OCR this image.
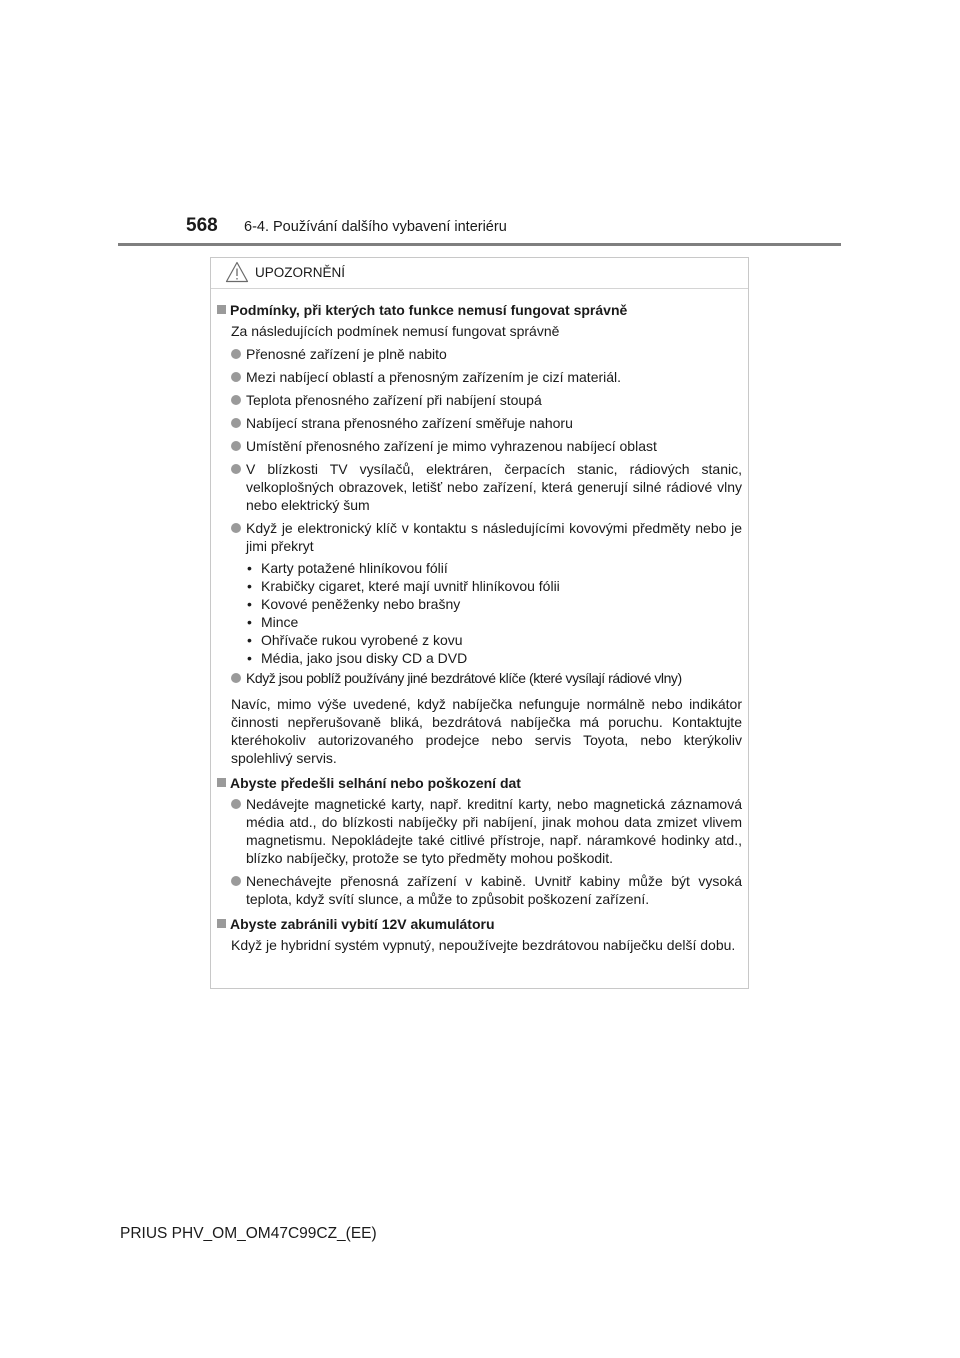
568 6-4. Používání dalšího vybavení interiéru
UPOZORNĚNÍ

Podmínky, při kterých tato funkce nemusí fungovat správně

Za následujících podmínek nemusí fungovat správně

Přenosné zařízení je plně nabito
Mezi nabíjecí oblastí a přenosným zařízením je cizí materiál.
Teplota přenosného zařízení při nabíjení stoupá
Nabíjecí strana přenosného zařízení směřuje nahoru
Umístění přenosného zařízení je mimo vyhrazenou nabíjecí oblast
V blízkosti TV vysílačů, elektráren, čerpacích stanic, rádiových stanic, velkoplošných obrazovek, letišť nebo zařízení, která generují silné rádiové vlny nebo elektrický šum
Když je elektronický klíč v kontaktu s následujícími kovovými předměty nebo je jimi překryt
• Karty potažené hliníkovou fólií
• Krabičky cigaret, které mají uvnitř hliníkovou fólii
• Kovové peněženky nebo brašny
• Mince
• Ohřívače rukou vyrobené z kovu
• Média, jako jsou disky CD a DVD
Když jsou poblíž používány jiné bezdrátové klíče (které vysílají rádiové vlny)

Navíc, mimo výše uvedené, když nabíječka nefunguje normálně nebo indikátor činnosti nepřerušovaně bliká, bezdrátová nabíječka má poruchu. Kontaktujte kteréhokoliv autorizovaného prodejce nebo servis Toyota, nebo kterýkoliv spolehlivý servis.

Abyste předešli selhání nebo poškození dat

Nedávejte magnetické karty, např. kreditní karty, nebo magnetická záznamová média atd., do blízkosti nabíječky při nabíjení, jinak mohou data zmizet vlivem magnetismu. Nepokládejte také citlivé přístroje, např. náramkové hodinky atd., blízko nabíječky, protože se tyto předměty mohou poškodit.
Nenechávejte přenosná zařízení v kabině. Uvnitř kabiny může být vysoká teplota, když svítí slunce, a může to způsobit poškození zařízení.

Abyste zabránili vybití 12V akumulátoru

Když je hybridní systém vypnutý, nepoužívejte bezdrátovou nabíječku delší dobu.

PRIUS PHV_OM_OM47C99CZ_(EE)
